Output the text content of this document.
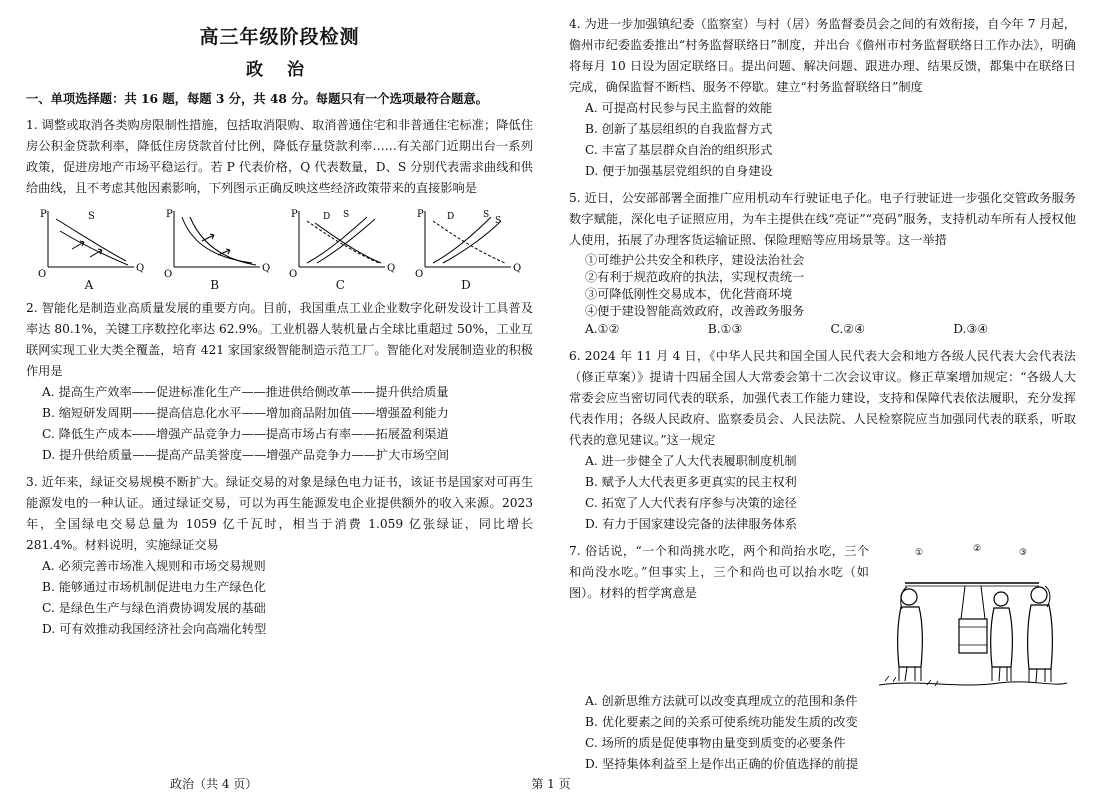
高三年级阶段检测
政 治
一、单项选择题：共 16 题，每题 3 分，共 48 分。每题只有一个选项最符合题意。
1. 调整或取消各类购房限制性措施，包括取消限购、取消普通住宅和非普通住宅标准；降低住房公积金贷款利率，降低住房贷款首付比例，降低存量贷款利率……有关部门近期出台一系列政策，促进房地产市场平稳运行。若 P 代表价格，Q 代表数量，D、S 分别代表需求曲线和供给曲线，且不考虑其他因素影响，下列图示正确反映这些经济政策带来的直接影响是
P
Q
O
S
A
P
Q
O
B
P
Q
O
D S
C
P
Q
O
D	S
S
D
2. 智能化是制造业高质量发展的重要方向。目前，我国重点工业企业数字化研发设计工具普及率达 80.1%，关键工序数控化率达 62.9%。工业机器人装机量占全球比重超过 50%，工业互联网实现工业大类全覆盖，培育 421 家国家级智能制造示范工厂。智能化对发展制造业的积极作用是
A. 提高生产效率——促进标准化生产——推进供给侧改革——提升供给质量
B. 缩短研发周期——提高信息化水平——增加商品附加值——增强盈利能力
C. 降低生产成本——增强产品竞争力——提高市场占有率——拓展盈利渠道
D. 提升供给质量——提高产品美誉度——增强产品竞争力——扩大市场空间
3. 近年来，绿证交易规模不断扩大。绿证交易的对象是绿色电力证书，该证书是国家对可再生能源发电的一种认证。通过绿证交易，可以为再生能源发电企业提供额外的收入来源。2023 年，全国绿电交易总量为 1059 亿千瓦时，相当于消费 1.059 亿张绿证，同比增长 281.4%。材料说明，实施绿证交易
A. 必须完善市场准入规则和市场交易规则
B. 能够通过市场机制促进电力生产绿色化
C. 是绿色生产与绿色消费协调发展的基础
D. 可有效推动我国经济社会向高端化转型
4. 为进一步加强镇纪委（监察室）与村（居）务监督委员会之间的有效衔接，自今年 7 月起，儋州市纪委监委推出“村务监督联络日”制度，并出台《儋州市村务监督联络日工作办法》，明确将每月 10 日设为固定联络日。提出问题、解决问题、跟进办理、结果反馈，都集中在联络日完成，确保监督不断档、服务不停歇。建立“村务监督联络日”制度
A. 可提高村民参与民主监督的效能
B. 创新了基层组织的自我监督方式
C. 丰富了基层群众自治的组织形式
D. 便于加强基层党组织的自身建设
5. 近日，公安部部署全面推广应用机动车行驶证电子化。电子行驶证进一步强化交管政务服务数字赋能，深化电子证照应用，为车主提供在线“亮证”“亮码”服务，支持机动车所有人授权他人使用，拓展了办理客货运输证照、保险理赔等应用场景等。这一举措
①可维护公共安全和秩序，建设法治社会
②有利于规范政府的执法，实现权责统一
③可降低刚性交易成本，优化营商环境
④便于建设智能高效政府，改善政务服务
A.①②	B.①③	C.②④	D.③④
6. 2024 年 11 月 4 日，《中华人民共和国全国人民代表大会和地方各级人民代表大会代表法（修正草案）》提请十四届全国人大常委会第十二次会议审议。修正草案增加规定：“各级人大常委会应当密切同代表的联系，加强代表工作能力建设，支持和保障代表依法履职，充分发挥代表作用；各级人民政府、监察委员会、人民法院、人民检察院应当加强同代表的联系，听取代表的意见建议。”这一规定
A. 进一步健全了人大代表履职制度机制
B. 赋予人大代表更多更真实的民主权利
C. 拓宽了人大代表有序参与决策的途径
D. 有力于国家建设完备的法律服务体系
7. 俗话说，“一个和尚挑水吃，两个和尚抬水吃，三个和尚没水吃。”但事实上，三个和尚也可以抬水吃（如图）。材料的哲学寓意是
①	②	③
A. 创新思维方法就可以改变真理成立的范围和条件
B. 优化要素之间的关系可使系统功能发生质的改变
C. 场所的质是促使事物由量变到质变的必要条件
D. 坚持集体利益至上是作出正确的价值选择的前提
政治（共 4 页）	第 1 页
